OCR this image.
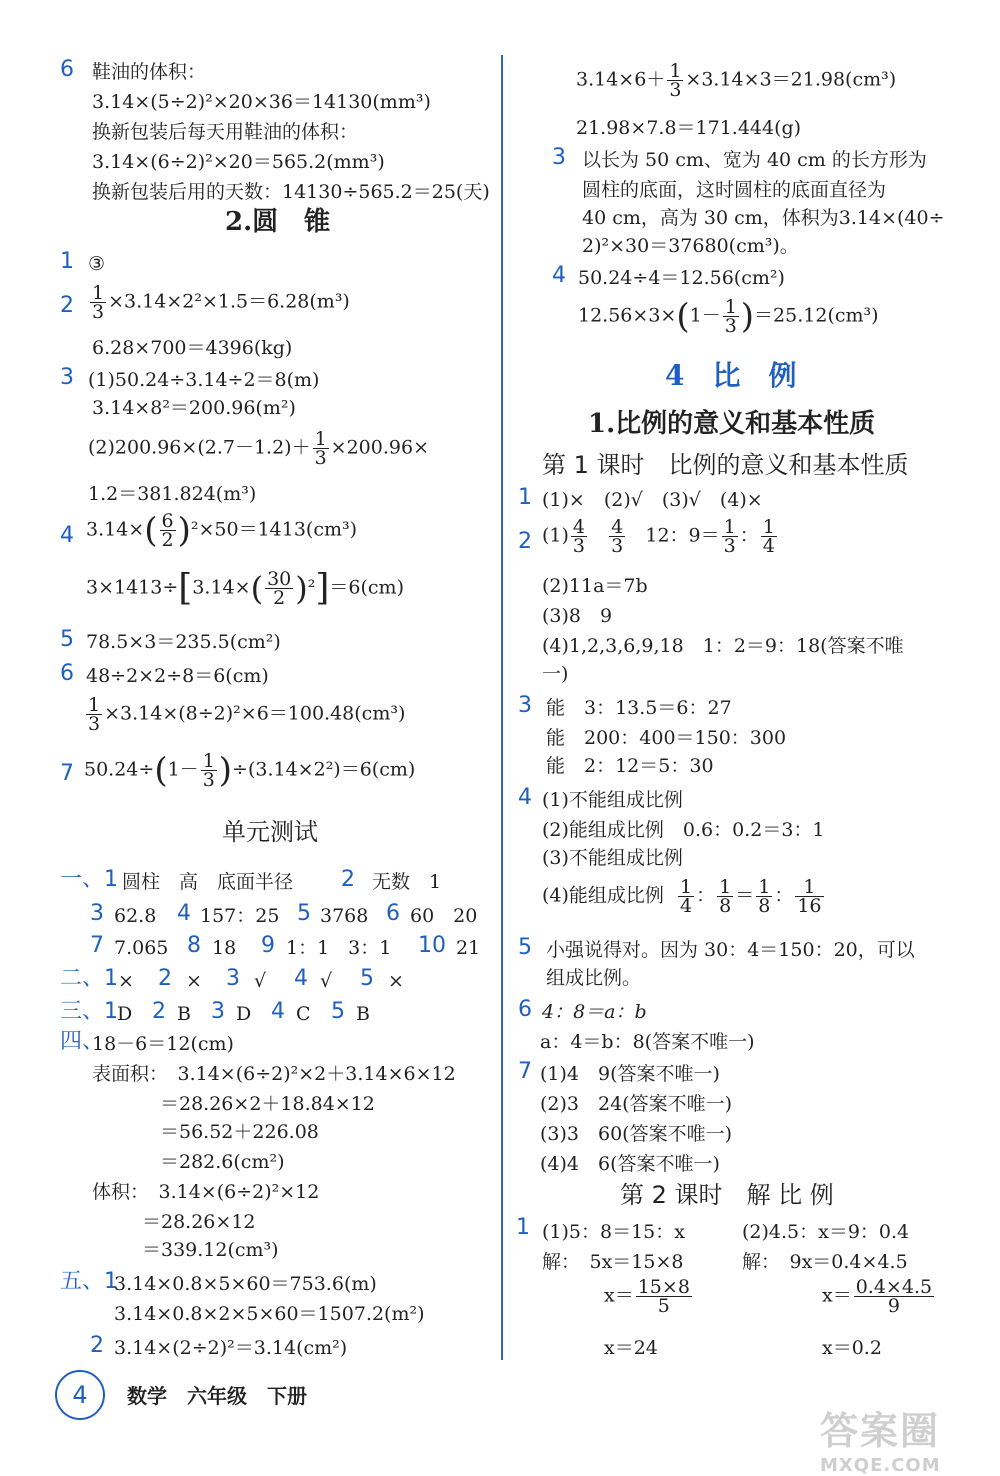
6 鞋油的体积：
3.14×(5÷2)²×20×36＝14130(mm³)
换新包装后每天用鞋油的体积：
3.14×(6÷2)²×20＝565.2(mm³)
换新包装后用的天数：14130÷565.2＝25(天)
2.圆　锥
1 ③
$2 \frac{1}{3} \times 3.14\times 2^2\times 1.5=6.28(m^3)$
6.28×700＝4396(kg)
3 (1)50.24÷3.14÷2＝8(m)
3.14×8²＝200.96(m²)
$(2)200.96\times(2.7-1.2)+ \frac{1}{3} \times 200.96\times$
1.2＝381.824(m³)
4 $3.14\times( \frac{6}{2} )^2\times 50=1413(cm^3)$
$3\times 1413\div[3.14\times( \frac{30}{2} )^2]=6(cm)$
5 78.5×3＝235.5(cm²)
6 48÷2×2÷8＝6(cm)
$\frac{1}{3} \times 3.14\times(8\div 2)^2\times 6=100.48(cm^3)$
7 $50.24\div(1- \frac{1}{3} )\div(3.14\times 2^2)=6(cm)$
单元测试
一、1 圆柱　高　底面半径 2 无数　1
3 62.8 4 157：25 5 3768 6 60　20
7 7.065 8 18 9 1：1　3：1 10 21
二、1 × 2 × 3 √ 4 √ 5 ×
三、1 D 2 B 3 D 4 C 5 B
四、
18－6＝12(cm)
表面积：　3.14×(6÷2)²×2＋3.14×6×12
＝28.26×2＋18.84×12
＝56.52＋226.08
＝282.6(cm²)
体积：　3.14×(6÷2)²×12
＝28.26×12
＝339.12(cm³)
五、1
3.14×0.8×5×60＝753.6(m)
3.14×0.8×2×5×60＝1507.2(m²)
2 3.14×(2÷2)²＝3.14(cm²)
$3.14\times 6+ \frac{1}{3} \times 3.14\times 3=21.98(cm^3)$
21.98×7.8＝171.444(g)
3 以长为 50 cm、宽为 40 cm 的长方形为
圆柱的底面，这时圆柱的底面直径为
40 cm，高为 30 cm，体积为3.14×(40÷
2)²×30＝37680(cm³)。
4 50.24÷4＝12.56(cm²)
$12.56\times 3\times(1- \frac{1}{3} )=25.12(cm^3)$
4　比　例
1.比例的意义和基本性质
第 1 课时　比例的意义和基本性质
1 (1)×　(2)√　(3)√　(4)×
2 $(1) \frac{4}{3}$
$\frac{4}{3} 12$：$9= \frac{1}{3}$ ： $\frac{1}{4}$
(2)11a＝7b
(3)8　9
(4)1,2,3,6,9,18　1：2＝9：18(答案不唯
一)
3 能　3：13.5＝6：27
能　200：400＝150：300
能　2：12＝5：30
4 (1)不能组成比例
(2)能组成比例　0.6：0.2＝3：1
(3)不能组成比例
(4)能组成比例 $\frac{1}{4}$ ： $\frac{1}{8} = \frac{1}{8}$ ： $\frac{1}{16}$
5 小强说得对。因为 30：4＝150：20，可以
组成比例。
6 4：8＝a：b
a：4＝b：8(答案不唯一)
7 (1)4　9(答案不唯一)
(2)3　24(答案不唯一)
(3)3　60(答案不唯一)
(4)4　6(答案不唯一)
第 2 课时　解 比 例
1 (1)5：8＝15：x	(2)4.5：x＝9：0.4
解：　5x＝15×8	解：　9x＝0.4×4.5
$x= \frac{15\times 8}{5}$	$x= \frac{0.4\times 4.5}{9}$
x＝24	x＝0.2
4	数学　六年级　下册
答案圈
MXQE.COM
